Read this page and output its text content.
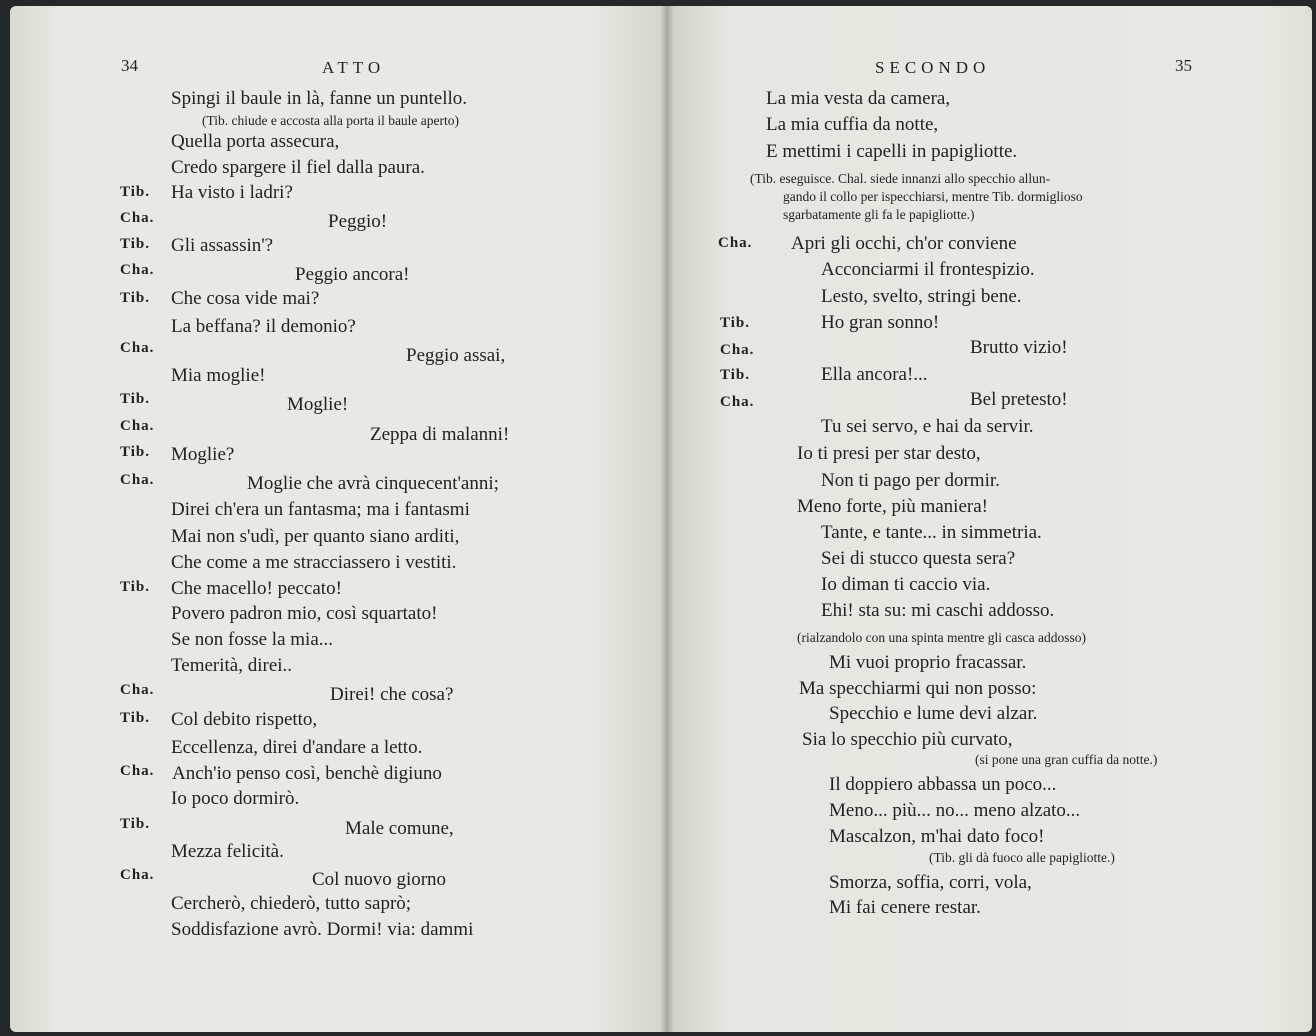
34	ATTO
Spingi il baule in là, fanne un puntello.
(Tib. chiude e accosta alla porta il baule aperto)
Quella porta assecura,
Credo spargere il fiel dalla paura.
Tib. Ha visto i ladri?
Cha.	Peggio!
Tib. Gli assassin'?
Cha.	Peggio ancora!
Tib. Che cosa vide mai?
La beffana? il demonio?
Cha.	Peggio assai,
Mia moglie!
Tib.	Moglie!
Cha.	Zeppa di malanni!
Tib. Moglie?
Cha.	Moglie che avrà cinquecent'anni;
Direi ch'era un fantasma; ma i fantasmi
Mai non s'udì, per quanto siano arditi,
Che come a me stracciassero i vestiti.
Tib. Che macello! peccato!
Povero padron mio, così squartato!
Se non fosse la mia...
Temerità, direi..
Cha.	Direi! che cosa?
Tib. Col debito rispetto,
Eccellenza, direi d'andare a letto.
Cha. Anch'io penso così, benchè digiuno
Io poco dormirò.
Tib.	Male comune,
Mezza felicità.
Cha.	Col nuovo giorno
Cercherò, chiederò, tutto saprò;
Soddisfazione avrò. Dormi! via: dammi
SECONDO	35
La mia vesta da camera,
La mia cuffia da notte,
E mettimi i capelli in papigliotte.
(Tib. eseguisce. Chal. siede innanzi allo specchio allun-
gando il collo per ispecchiarsi, mentre Tib. dormiglioso
sgarbatamente gli fa le papigliotte.)
Cha. Apri gli occhi, ch'or conviene
Acconciarmi il frontespizio.
Lesto, svelto, stringi bene.
Tib.	Ho gran sonno!
Cha.	Brutto vizio!
Tib.	Ella ancora!...
Cha.	Bel pretesto!
Tu sei servo, e hai da servir.
Io ti presi per star desto,
Non ti pago per dormir.
Meno forte, più maniera!
Tante, e tante... in simmetria.
Sei di stucco questa sera?
Io diman ti caccio via.
Ehi! sta su: mi caschi addosso.
(rialzandolo con una spinta mentre gli casca addosso)
Mi vuoi proprio fracassar.
Ma specchiarmi qui non posso:
Specchio e lume devi alzar.
Sia lo specchio più curvato,
(si pone una gran cuffia da notte.)
Il doppiero abbassa un poco...
Meno... più... no... meno alzato...
Mascalzon, m'hai dato foco!
(Tib. gli dà fuoco alle papigliotte.)
Smorza, soffia, corri, vola,
Mi fai cenere restar.
